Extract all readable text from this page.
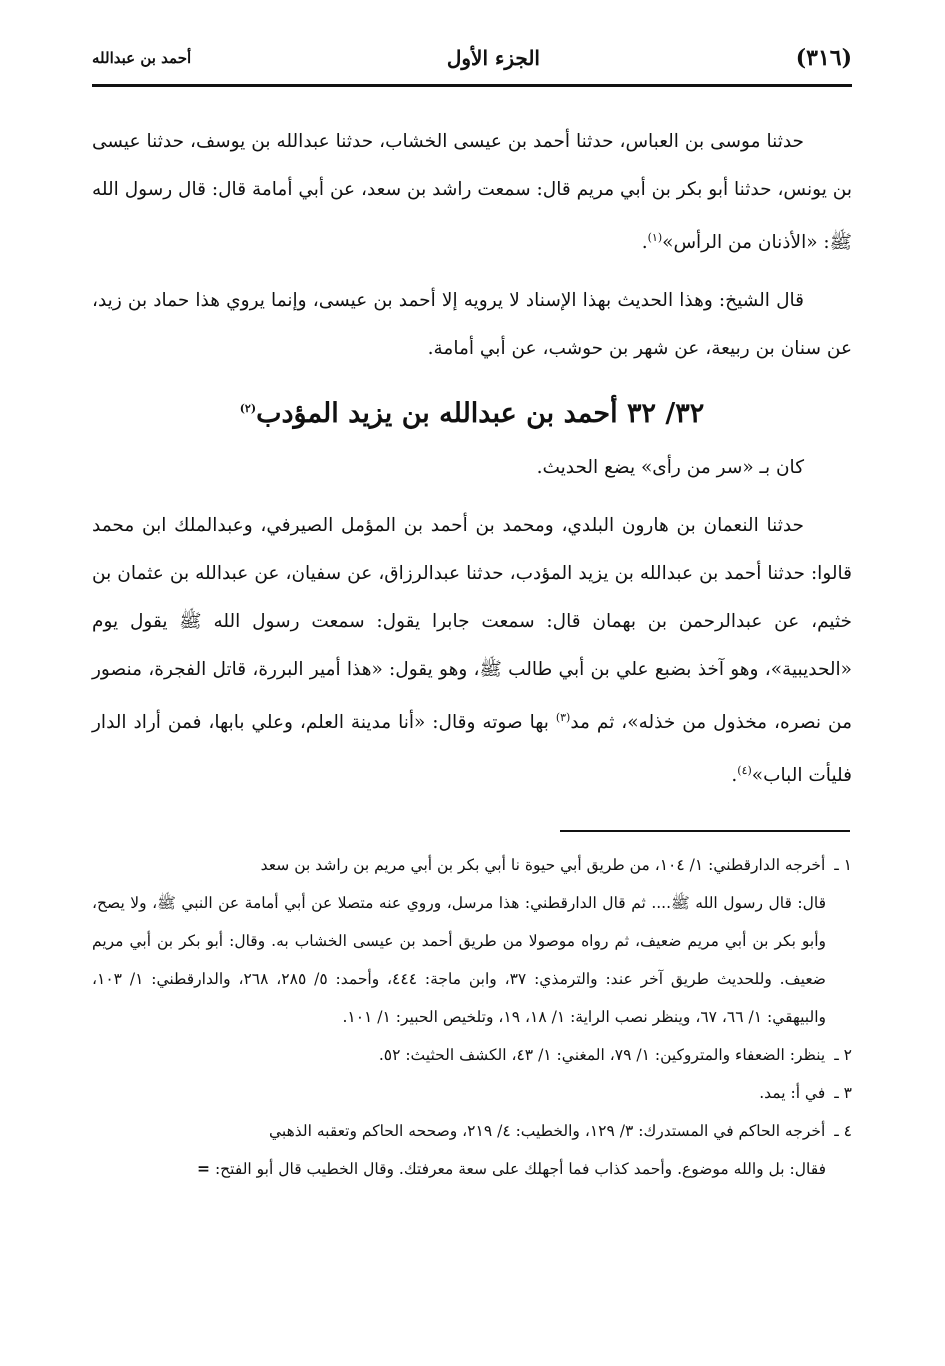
(٣١٦)
الجزء الأول
أحمد بن عبدالله

حدثنا موسى بن العباس، حدثنا أحمد بن عيسى الخشاب، حدثنا عبدالله بن يوسف، حدثنا عيسى بن يونس، حدثنا أبو بكر بن أبي مريم قال: سمعت راشد بن سعد، عن أبي أمامة قال: قال رسول الله ﷺ: «الأذنان من الرأس»$^{(١)}$.

قال الشيخ: وهذا الحديث بهذا الإسناد لا يرويه إلا أحمد بن عيسى، وإنما يروي هذا حماد بن زيد، عن سنان بن ربيعة، عن شهر بن حوشب، عن أبي أمامة.

٣٢/ ٣٢ أحمد بن عبدالله بن يزيد المؤدب$^{(٢)}$

كان بـ «سر من رأى» يضع الحديث.

حدثنا النعمان بن هارون البلدي، ومحمد بن أحمد بن المؤمل الصيرفي، وعبدالملك ابن محمد قالوا: حدثنا أحمد بن عبدالله بن يزيد المؤدب، حدثنا عبدالرزاق، عن سفيان، عن عبدالله بن عثمان بن خثيم، عن عبدالرحمن بن بهمان قال: سمعت جابرا يقول: سمعت رسول الله ﷺ يقول يوم «الحديبية»، وهو آخذ بضبع علي بن أبي طالب ﷺ، وهو يقول: «هذا أمير البررة، قاتل الفجرة، منصور من نصره، مخذول من خذله»، ثم مد$^{(٣)}$ بها صوته وقال: «أنا مدينة العلم، وعلي بابها، فمن أراد الدار فليأت الباب»$^{(٤)}$.

١ ـ أخرجه الدارقطني: ١/ ١٠٤، من طريق أبي حيوة نا أبي بكر بن أبي مريم بن راشد بن سعد

قال: قال رسول الله ﷺ.... ثم قال الدارقطني: هذا مرسل، وروي عنه متصلا عن أبي أمامة عن النبي ﷺ، ولا يصح، وأبو بكر بن أبي مريم ضعيف، ثم رواه موصولا من طريق أحمد بن عيسى الخشاب به. وقال: أبو بكر بن أبي مريم ضعيف. وللحديث طريق آخر عند: والترمذي: ٣٧، وابن ماجة: ٤٤٤، وأحمد: ٥/ ٢٨٥، ٢٦٨، والدارقطني: ١/ ١٠٣، والبيهقي: ١/ ٦٦، ٦٧، وينظر نصب الراية: ١/ ١٨، ١٩، وتلخيص الحبير: ١/ ١٠١.

٢ ـ ينظر: الضعفاء والمتروكين: ١/ ٧٩، المغني: ١/ ٤٣، الكشف الحثيث: ٥٢.

٣ ـ في أ: يمد.

٤ ـ أخرجه الحاكم في المستدرك: ٣/ ١٢٩، والخطيب: ٤/ ٢١٩، وصححه الحاكم وتعقبه الذهبي

فقال: بل والله موضوع. وأحمد كذاب فما أجهلك على سعة معرفتك. وقال الخطيب قال أبو الفتح: =
